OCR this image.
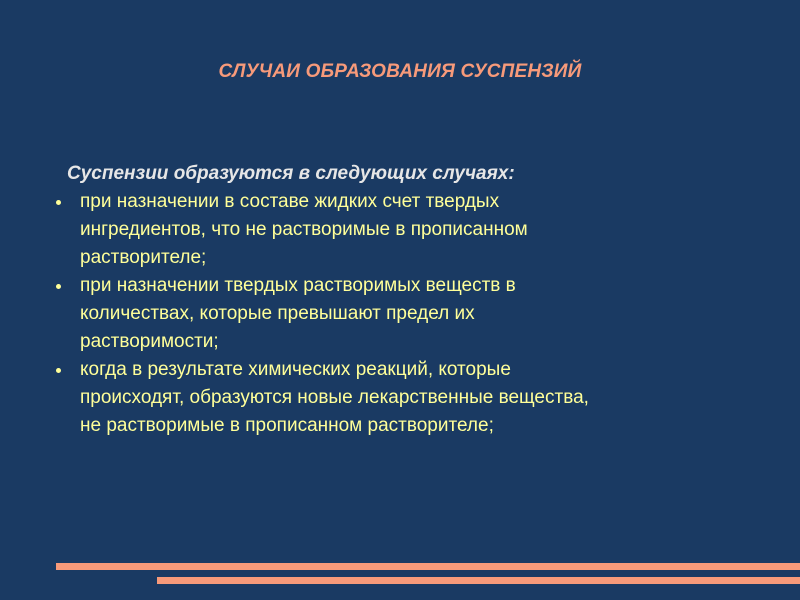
СЛУЧАИ ОБРАЗОВАНИЯ СУСПЕНЗИЙ
Суспензии образуются в следующих случаях:
при назначении в составе жидких счет твердых
ингредиентов, что не растворимые в прописанном
растворителе;
при назначении твердых растворимых веществ в
количествах, которые превышают предел их
растворимости;
когда в результате химических реакций, которые
происходят, образуются новые лекарственные вещества,
не растворимые в прописанном растворителе;
